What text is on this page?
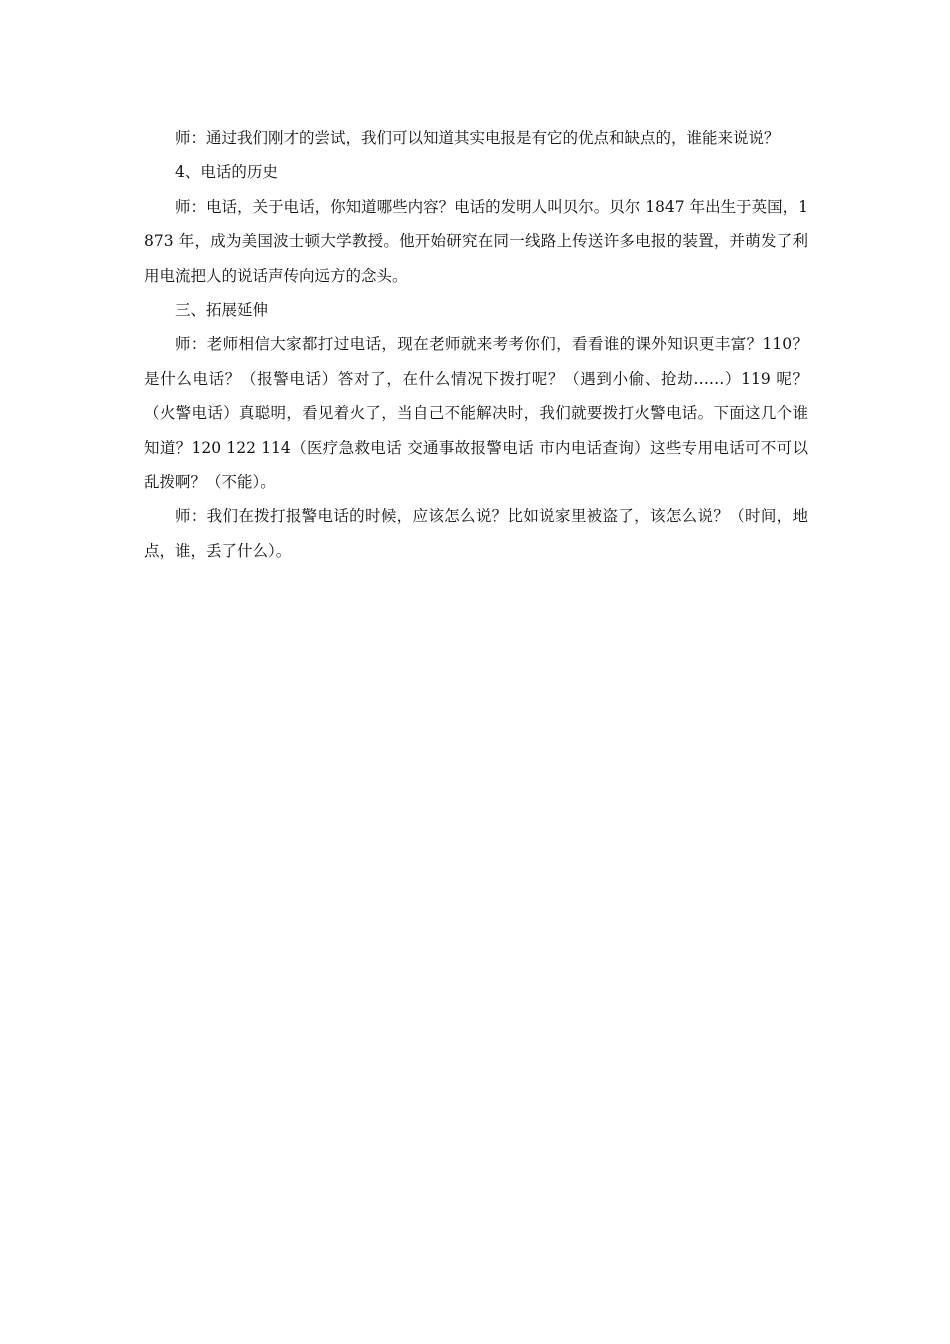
师：通过我们刚才的尝试，我们可以知道其实电报是有它的优点和缺点的，谁能来说说？

4、电话的历史

师：电话，关于电话，你知道哪些内容？电话的发明人叫贝尔。贝尔 1847 年出生于英国，1873 年，成为美国波士顿大学教授。他开始研究在同一线路上传送许多电报的装置，并萌发了利用电流把人的说话声传向远方的念头。

三、拓展延伸

师：老师相信大家都打过电话，现在老师就来考考你们，看看谁的课外知识更丰富？110？是什么电话？（报警电话）答对了，在什么情况下拨打呢？（遇到小偷、抢劫……）119 呢？（火警电话）真聪明，看见着火了，当自己不能解决时，我们就要拨打火警电话。下面这几个谁知道？120 122 114（医疗急救电话 交通事故报警电话 市内电话查询）这些专用电话可不可以乱拨啊？（不能）。

师：我们在拨打报警电话的时候，应该怎么说？比如说家里被盗了，该怎么说？（时间，地点，谁，丢了什么）。
